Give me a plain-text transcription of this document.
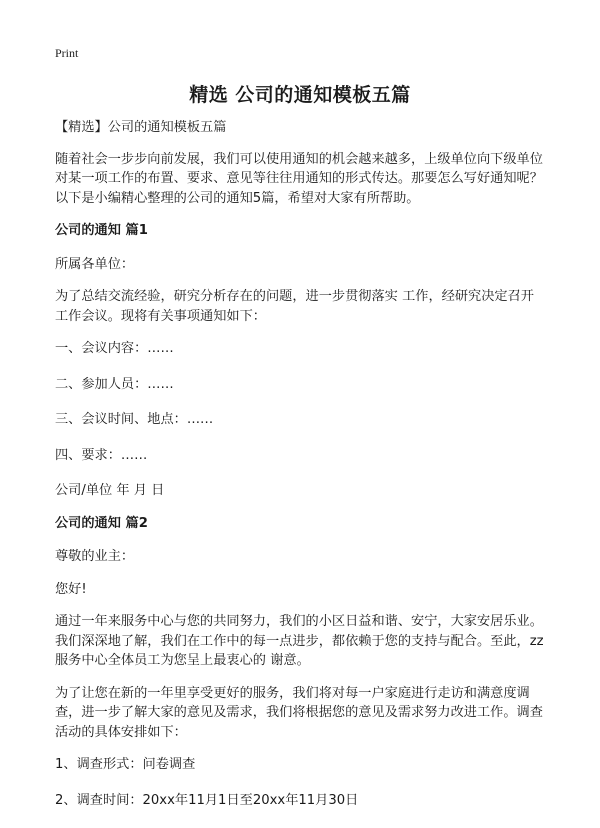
Print
精选 公司的通知模板五篇
【精选】公司的通知模板五篇
随着社会一步步向前发展，我们可以使用通知的机会越来越多，上级单位向下级单位对某一项工作的布置、要求、意见等往往用通知的形式传达。那要怎么写好通知呢？以下是小编精心整理的公司的通知5篇，希望对大家有所帮助。
公司的通知 篇1
所属各单位：
为了总结交流经验，研究分析存在的问题，进一步贯彻落实 工作，经研究决定召开 工作会议。现将有关事项通知如下：
一、会议内容：……
二、参加人员：……
三、会议时间、地点：……
四、要求：……
公司/单位 年 月 日
公司的通知 篇2
尊敬的业主：
您好!
通过一年来服务中心与您的共同努力，我们的小区日益和谐、安宁，大家安居乐业。我们深深地了解，我们在工作中的每一点进步，都依赖于您的支持与配合。至此，zz服务中心全体员工为您呈上最衷心的 谢意。
为了让您在新的一年里享受更好的服务，我们将对每一户家庭进行走访和满意度调查，进一步了解大家的意见及需求，我们将根据您的意见及需求努力改进工作。调查活动的具体安排如下：
1、调查形式：问卷调查
2、调查时间：20xx年11月1日至20xx年11月30日
